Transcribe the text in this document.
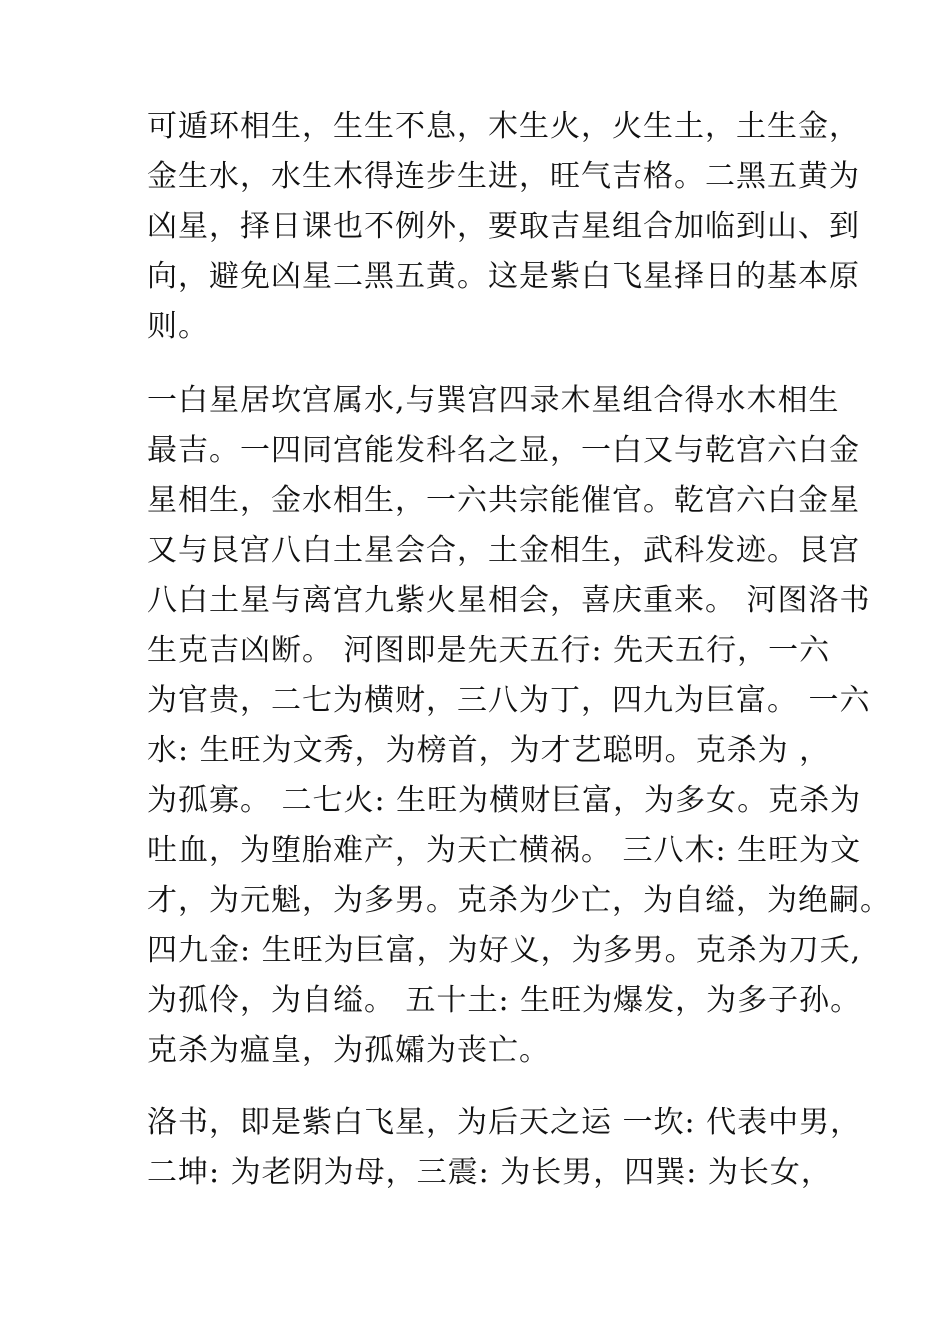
可遁环相生，生生不息，木生火，火生土，土生金，
金生水，水生木得连步生进，旺气吉格。二黑五黄为
凶星，择日课也不例外，要取吉星组合加临到山、到
向，避免凶星二黑五黄。这是紫白飞星择日的基本原
则。
一白星居坎宫属水,与巽宫四录木星组合得水木相生
最吉。一四同宫能发科名之显，一白又与乾宫六白金
星相生，金水相生，一六共宗能催官。乾宫六白金星
又与艮宫八白土星会合，土金相生，武科发迹。艮宫
八白土星与离宫九紫火星相会，喜庆重来。 河图洛书
生克吉凶断。 河图即是先天五行: 先天五行，一六
为官贵，二七为横财，三八为丁，四九为巨富。 一六
水: 生旺为文秀，为榜首，为才艺聪明。克杀为 ，
为孤寡。 二七火: 生旺为横财巨富，为多女。克杀为
吐血，为堕胎难产，为天亡横祸。 三八木: 生旺为文
才，为元魁，为多男。克杀为少亡，为自缢，为绝嗣。
四九金: 生旺为巨富，为好义，为多男。克杀为刀夭,
为孤伶，为自缢。 五十土: 生旺为爆发，为多子孙。
克杀为瘟皇，为孤孀为丧亡。
洛书，即是紫白飞星，为后天之运 一坎: 代表中男，
二坤: 为老阴为母，三震: 为长男，四巽: 为长女，
